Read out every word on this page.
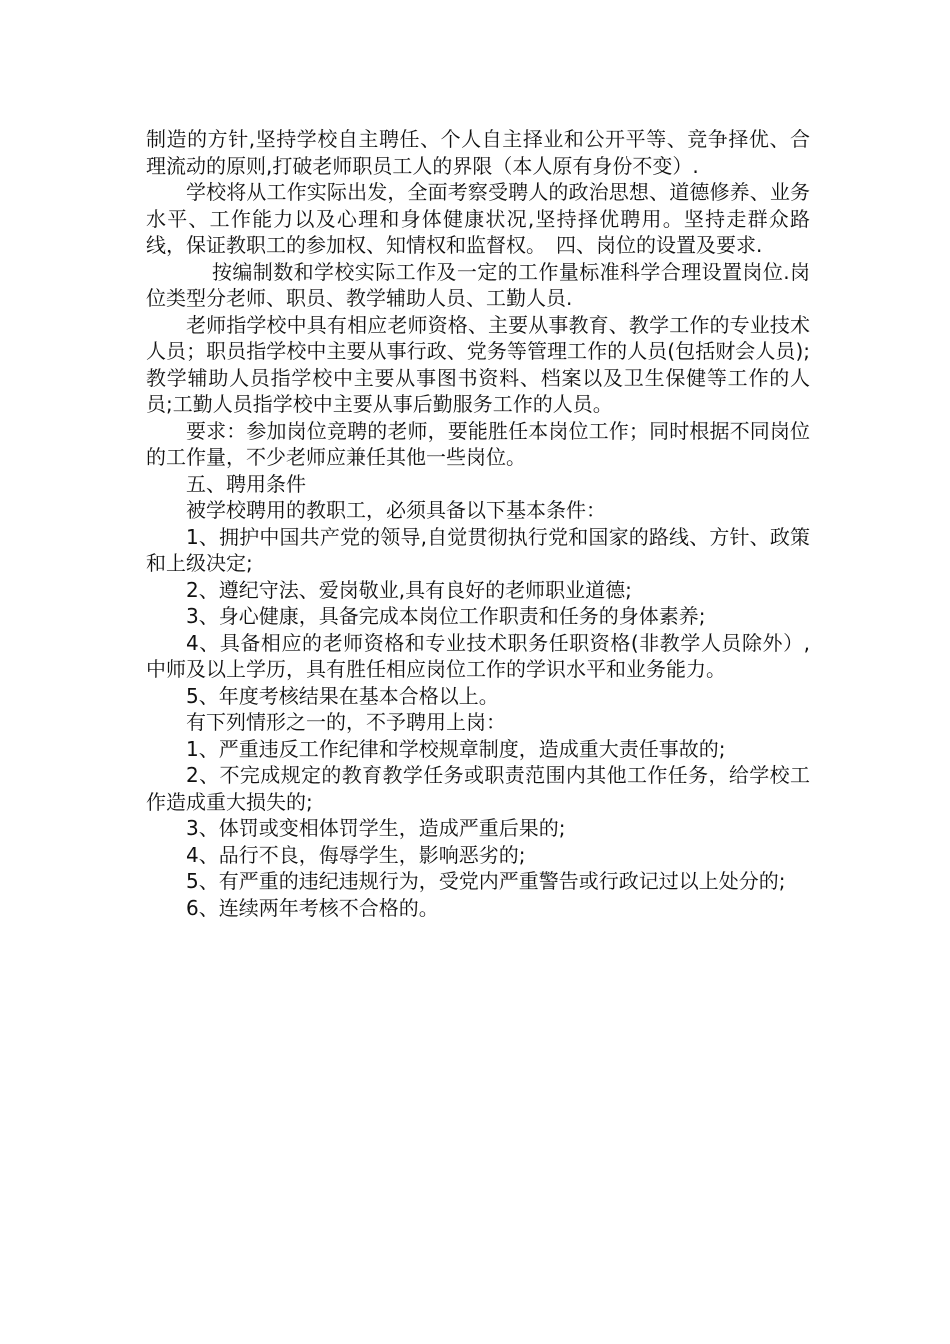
制造的方针,坚持学校自主聘任、个人自主择业和公开平等、竞争择优、合理流动的原则,打破老师职员工人的界限（本人原有身份不变）.

学校将从工作实际出发，全面考察受聘人的政治思想、道德修养、业务水平、工作能力以及心理和身体健康状况,坚持择优聘用。坚持走群众路线，保证教职工的参加权、知情权和监督权。　四、岗位的设置及要求.

按编制数和学校实际工作及一定的工作量标准科学合理设置岗位.岗位类型分老师、职员、教学辅助人员、工勤人员.

老师指学校中具有相应老师资格、主要从事教育、教学工作的专业技术人员；职员指学校中主要从事行政、党务等管理工作的人员(包括财会人员);教学辅助人员指学校中主要从事图书资料、档案以及卫生保健等工作的人员;工勤人员指学校中主要从事后勤服务工作的人员。

要求：参加岗位竞聘的老师，要能胜任本岗位工作；同时根据不同岗位的工作量，不少老师应兼任其他一些岗位。

五、聘用条件

被学校聘用的教职工，必须具备以下基本条件：

1、拥护中国共产党的领导,自觉贯彻执行党和国家的路线、方针、政策和上级决定;

2、遵纪守法、爱岗敬业,具有良好的老师职业道德;

3、身心健康，具备完成本岗位工作职责和任务的身体素养;

4、具备相应的老师资格和专业技术职务任职资格(非教学人员除外）,中师及以上学历，具有胜任相应岗位工作的学识水平和业务能力。

5、年度考核结果在基本合格以上。

有下列情形之一的，不予聘用上岗：

1、严重违反工作纪律和学校规章制度，造成重大责任事故的;

2、不完成规定的教育教学任务或职责范围内其他工作任务，给学校工作造成重大损失的;

3、体罚或变相体罚学生，造成严重后果的;

4、品行不良，侮辱学生，影响恶劣的;

5、有严重的违纪违规行为，受党内严重警告或行政记过以上处分的;

6、连续两年考核不合格的。
